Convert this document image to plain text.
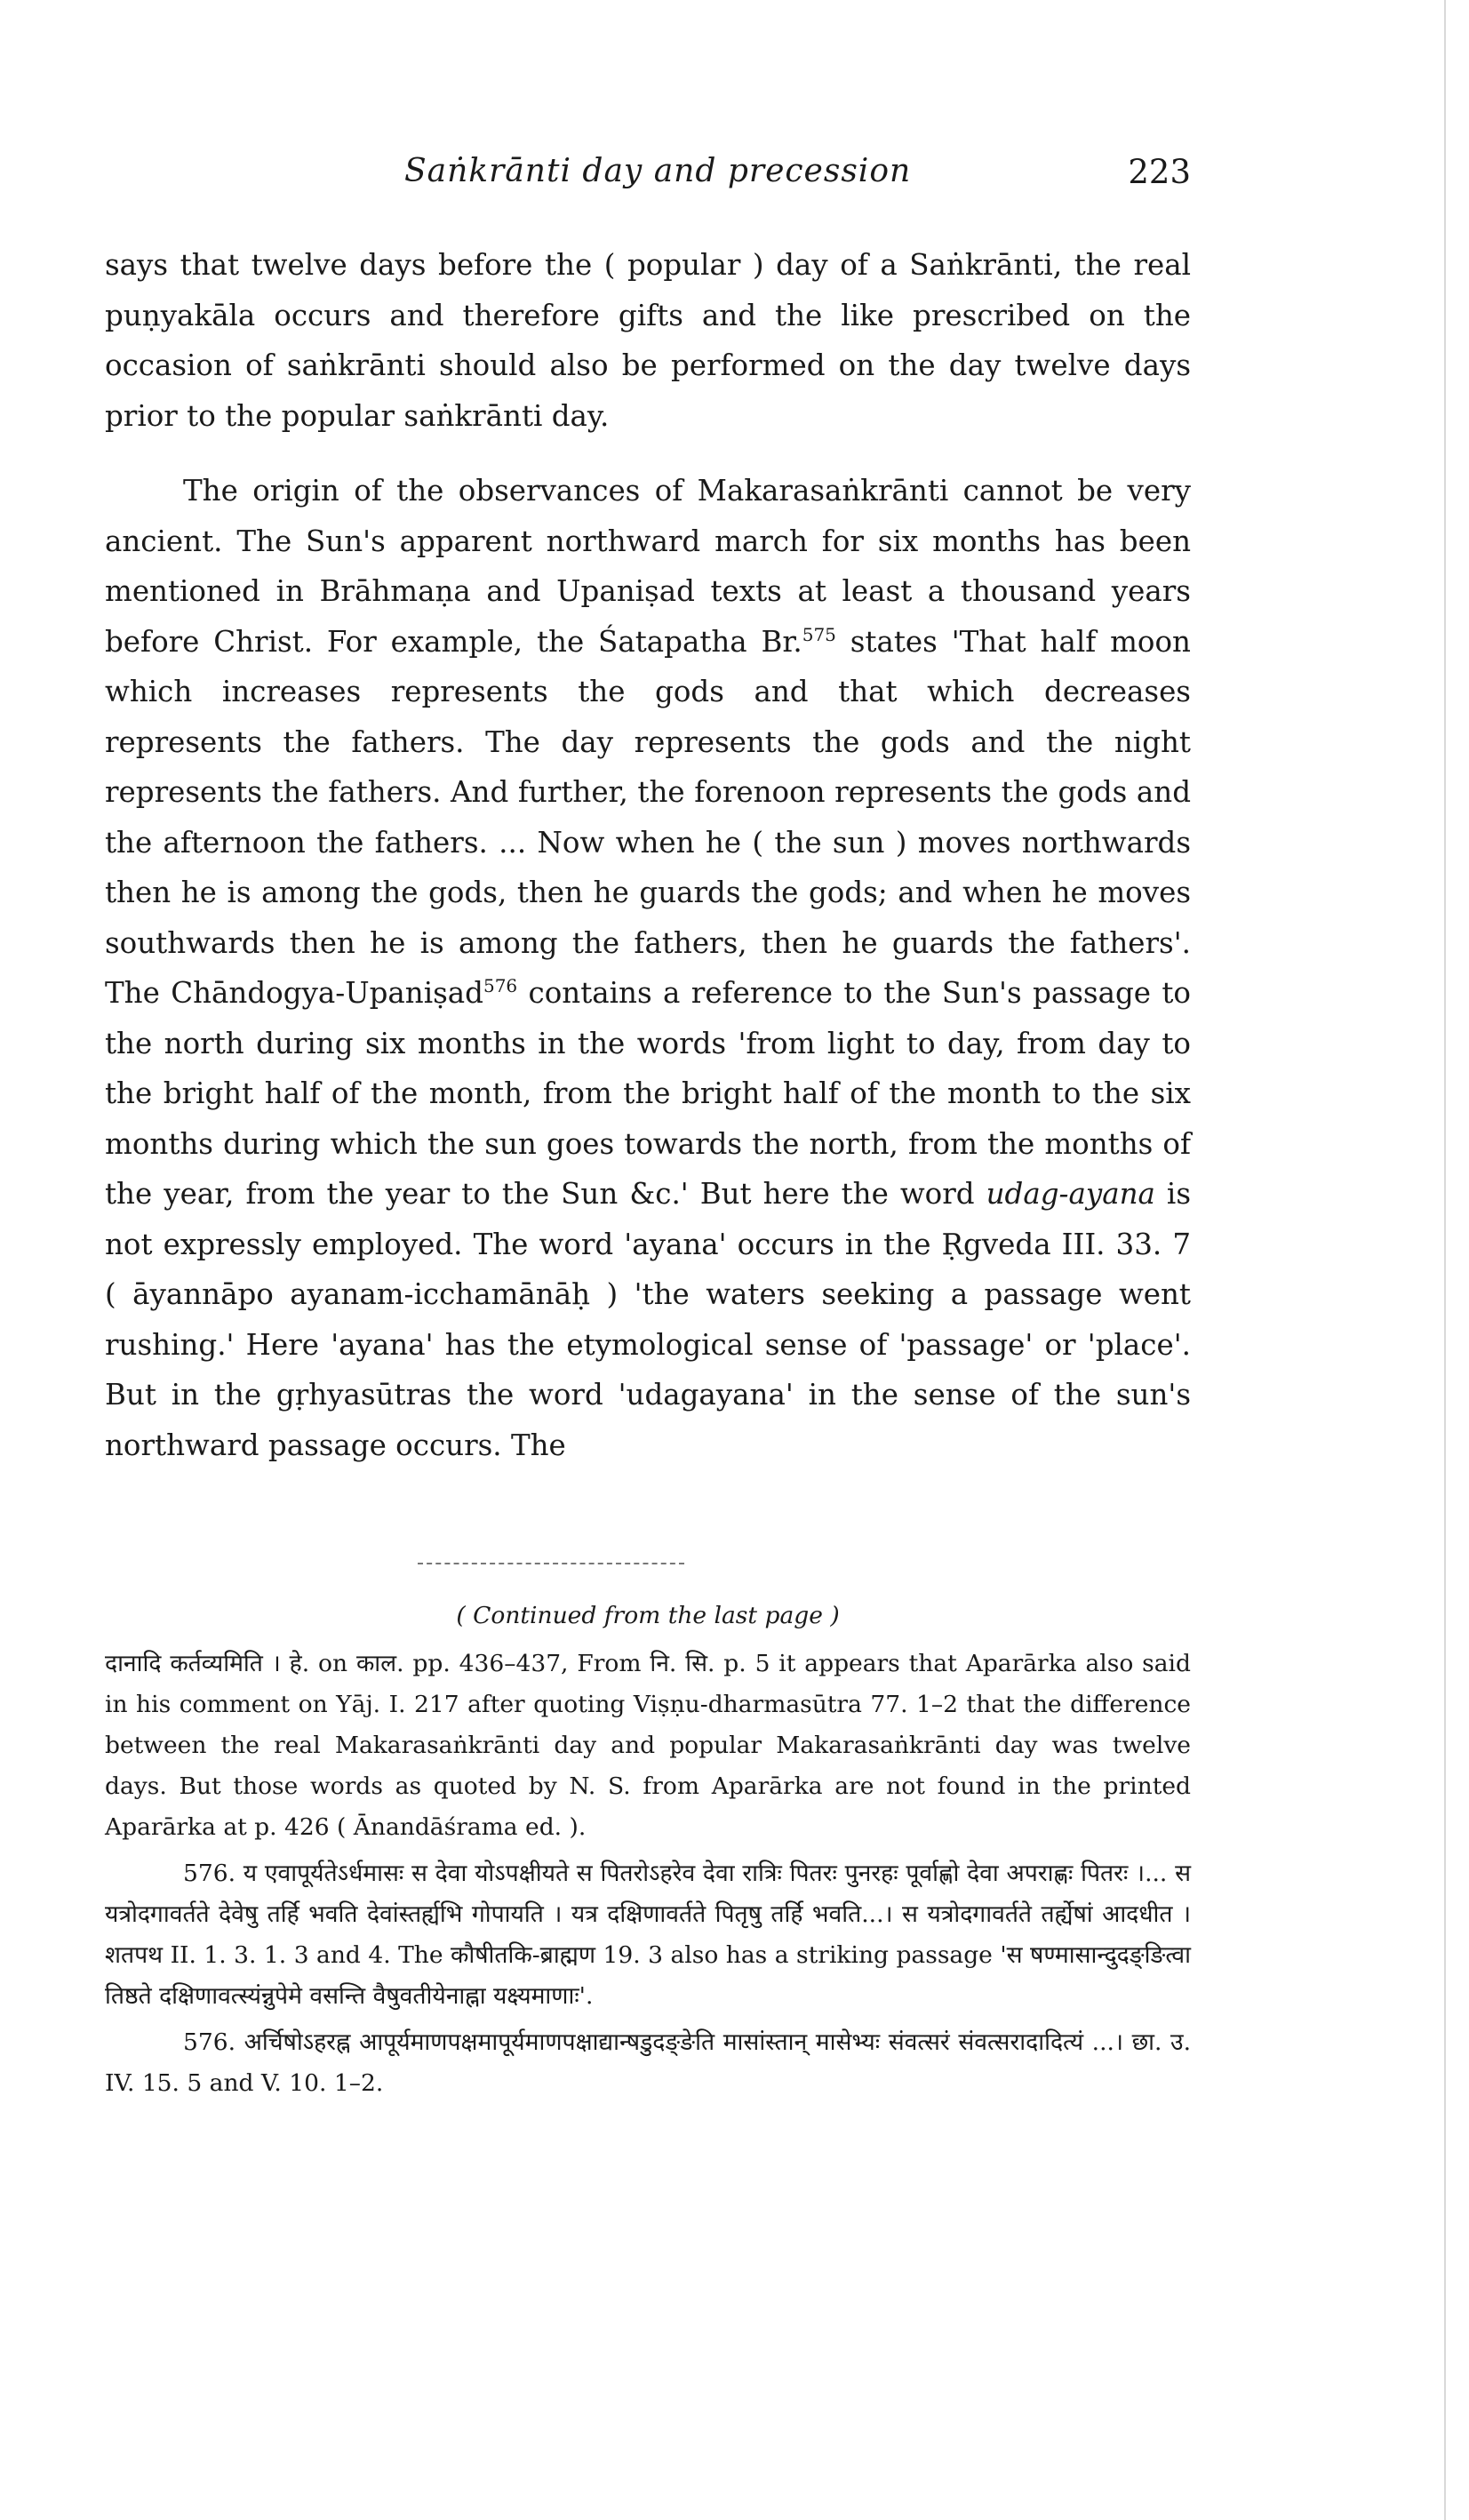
Saṅkrānti day and precession	223

says that twelve days before the ( popular ) day of a Saṅkrānti, the real puṇyakāla occurs and therefore gifts and the like prescribed on the occasion of saṅkrānti should also be performed on the day twelve days prior to the popular saṅkrānti day.

The origin of the observances of Makarasaṅkrānti cannot be very ancient. The Sun's apparent northward march for six months has been mentioned in Brāhmaṇa and Upaniṣad texts at least a thousand years before Christ. For example, the Śatapatha Br.$^{575}$ states 'That half moon which increases represents the gods and that which decreases represents the fathers. The day represents the gods and the night represents the fathers. And further, the forenoon represents the gods and the afternoon the fathers. ... Now when he ( the sun ) moves northwards then he is among the gods, then he guards the gods; and when he moves southwards then he is among the fathers, then he guards the fathers'. The Chāndogya-Upaniṣad$^{576}$ contains a reference to the Sun's passage to the north during six months in the words 'from light to day, from day to the bright half of the month, from the bright half of the month to the six months during which the sun goes towards the north, from the months of the year, from the year to the Sun &c.' But here the word udag-ayana is not expressly employed. The word 'ayana' occurs in the Ṛgveda III. 33. 7 ( āyannāpo ayanam-icchamānāḥ ) 'the waters seeking a passage went rushing.' Here 'ayana' has the etymological sense of 'passage' or 'place'. But in the gṛhyasūtras the word 'udagayana' in the sense of the sun's northward passage occurs. The

( Continued from the last page )

दानादि कर्तव्यमिति । हे. on काल. pp. 436–437, From नि. सि. p. 5 it appears that Aparārka also said in his comment on Yāj. I. 217 after quoting Viṣṇu-dharmasūtra 77. 1–2 that the difference between the real Makarasaṅkrānti day and popular Makarasaṅkrānti day was twelve days. But those words as quoted by N. S. from Aparārka are not found in the printed Aparārka at p. 426 ( Ānandāśrama ed. ).

576. य एवापूर्यतेऽर्धमासः स देवा योऽपक्षीयते स पितरोऽहरेव देवा रात्रिः पितरः पुनरहः पूर्वाह्णो देवा अपराह्णः पितरः ।... स यत्रोदगावर्तते देवेषु तर्हि भवति देवांस्तर्ह्यभि गोपायति । यत्र दक्षिणावर्तते पितृषु तर्हि भवति...। स यत्रोदगावर्तते तर्ह्येषां आदधीत । शतपथ II. 1. 3. 1. 3 and 4. The कौषीतकि-ब्राह्मण 19. 3 also has a striking passage 'स षण्मासान्दुदङ्ङित्वा तिष्ठते दक्षिणावत्स्यंन्नुपेमे वसन्ति वैषुवतीयेनाह्ना यक्ष्यमाणाः'.

576. अर्चिषोऽहरह्न आपूर्यमाणपक्षमापूर्यमाणपक्षाद्यान्षडुदङ्ङेति मासांस्तान् मासेभ्यः संवत्सरं संवत्सरादादित्यं ...। छा. उ. IV. 15. 5 and V. 10. 1–2.
